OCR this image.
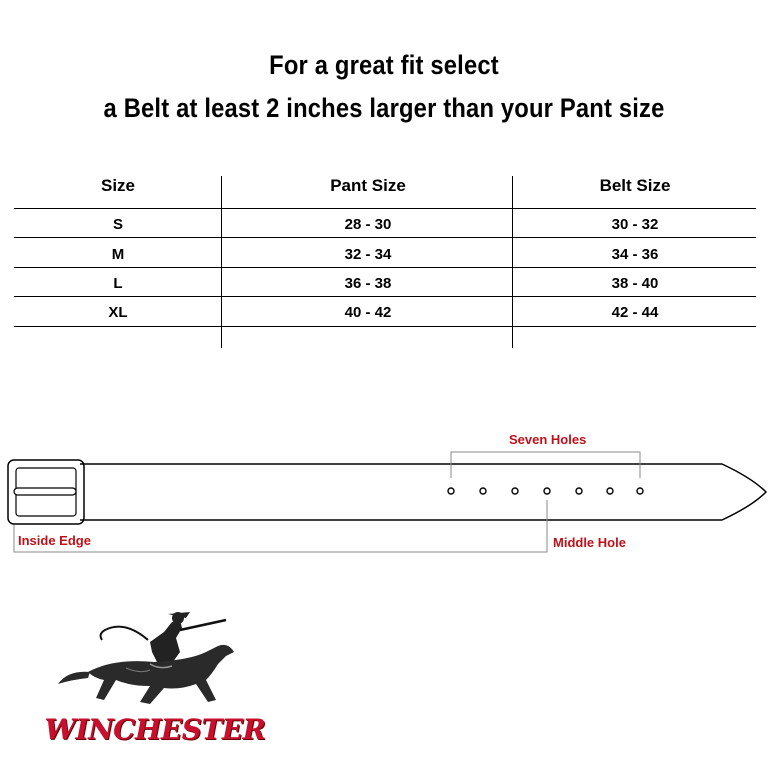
For a great fit select
a Belt at least 2 inches larger than your Pant size
Size	Pant Size	Belt Size
S	28 - 30	30 - 32
M	32 - 34	34 - 36
L	36 - 38	38 - 40
XL	40 - 42	42 - 44
Seven Holes
Inside Edge	Middle Hole
WINCHESTER
